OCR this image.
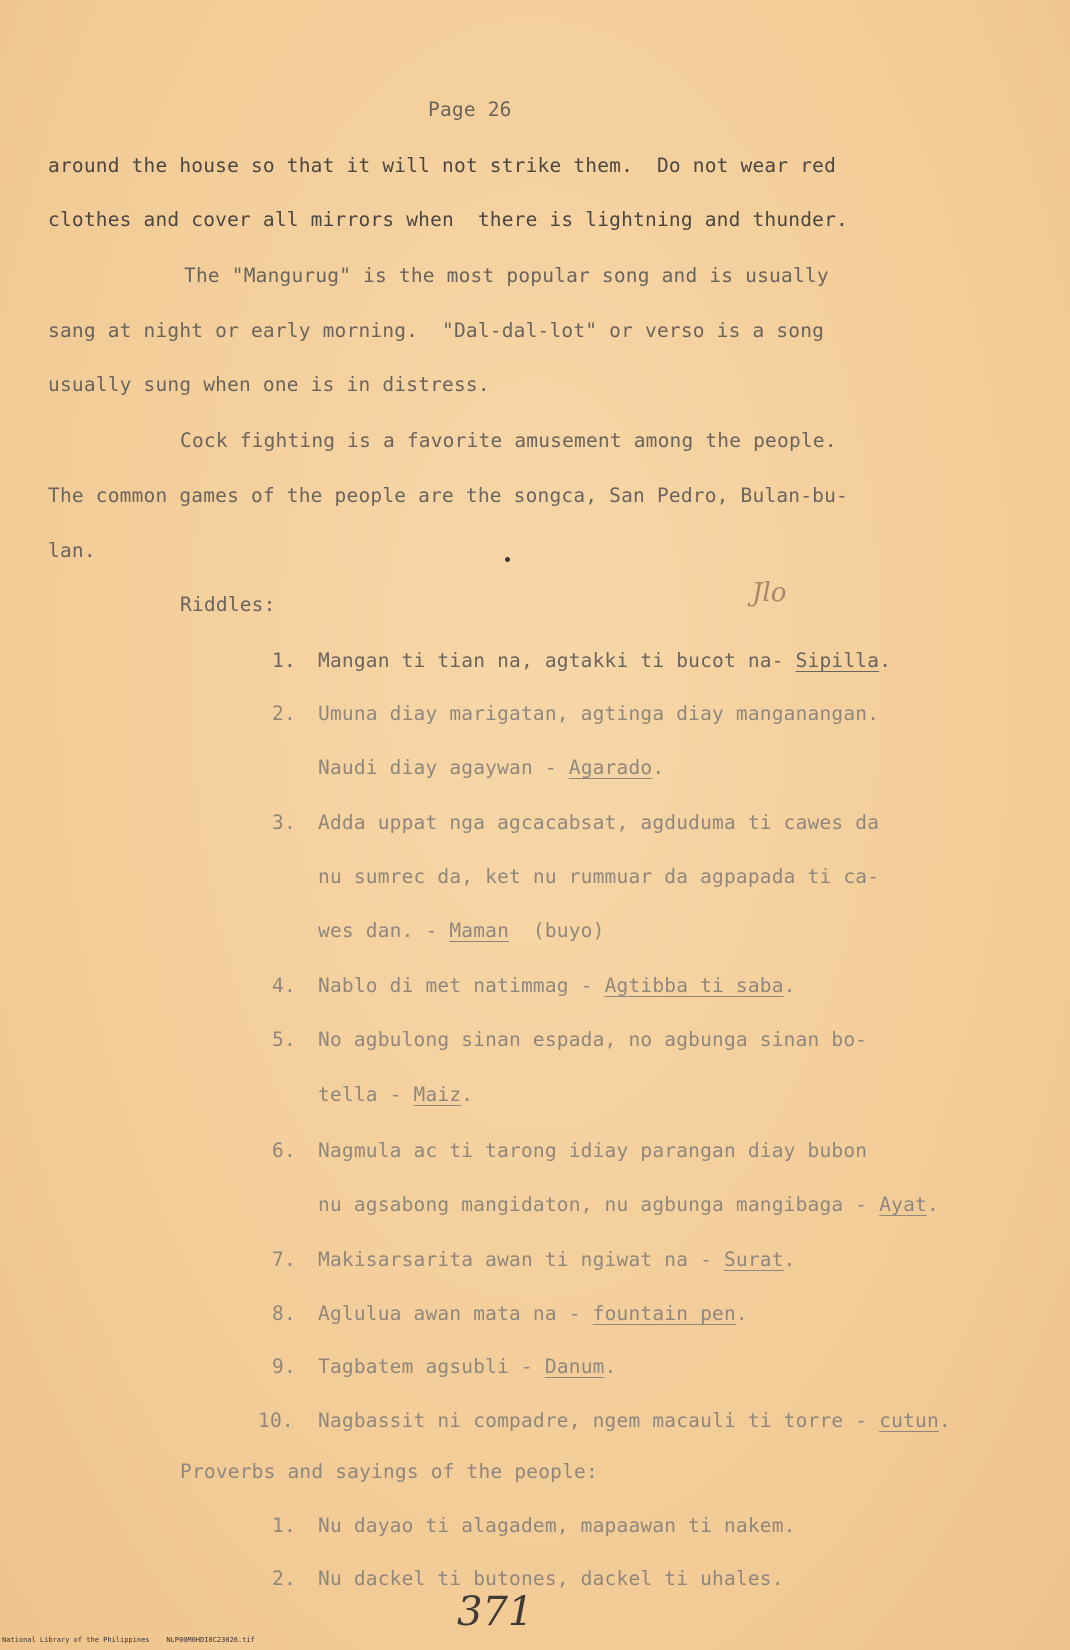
Page 26
around the house so that it will not strike them.  Do not wear red
clothes and cover all mirrors when  there is lightning and thunder.
The "Mangurug" is the most popular song and is usually
sang at night or early morning.  "Dal-dal-lot" or verso is a song
usually sung when one is in distress.
Cock fighting is a favorite amusement among the people.
The common games of the people are the songca, San Pedro, Bulan-bu-
lan.
Riddles:	Jlo
1. Mangan ti tian na, agtakki ti bucot na- Sipilla.
2. Umuna diay marigatan, agtinga diay manganangan.
Naudi diay agaywan - Agarado.
3. Adda uppat nga agcacabsat, agduduma ti cawes da
nu sumrec da, ket nu rummuar da agpapada ti ca-
wes dan. - Maman  (buyo)
4. Nablo di met natimmag - Agtibba ti saba.
5. No agbulong sinan espada, no agbunga sinan bo-
tella - Maiz.
6. Nagmula ac ti tarong idiay parangan diay bubon
nu agsabong mangidaton, nu agbunga mangibaga - Ayat.
7. Makisarsarita awan ti ngiwat na - Surat.
8. Aglulua awan mata na - fountain pen.
9. Tagbatem agsubli - Danum.
10. Nagbassit ni compadre, ngem macauli ti torre - cutun.
Proverbs and sayings of the people:
1. Nu dayao ti alagadem, mapaawan ti nakem.
2. Nu dackel ti butones, dackel ti uhales.
371
National Library of the Philippines    NLP00M0HDI0C23026.tif
